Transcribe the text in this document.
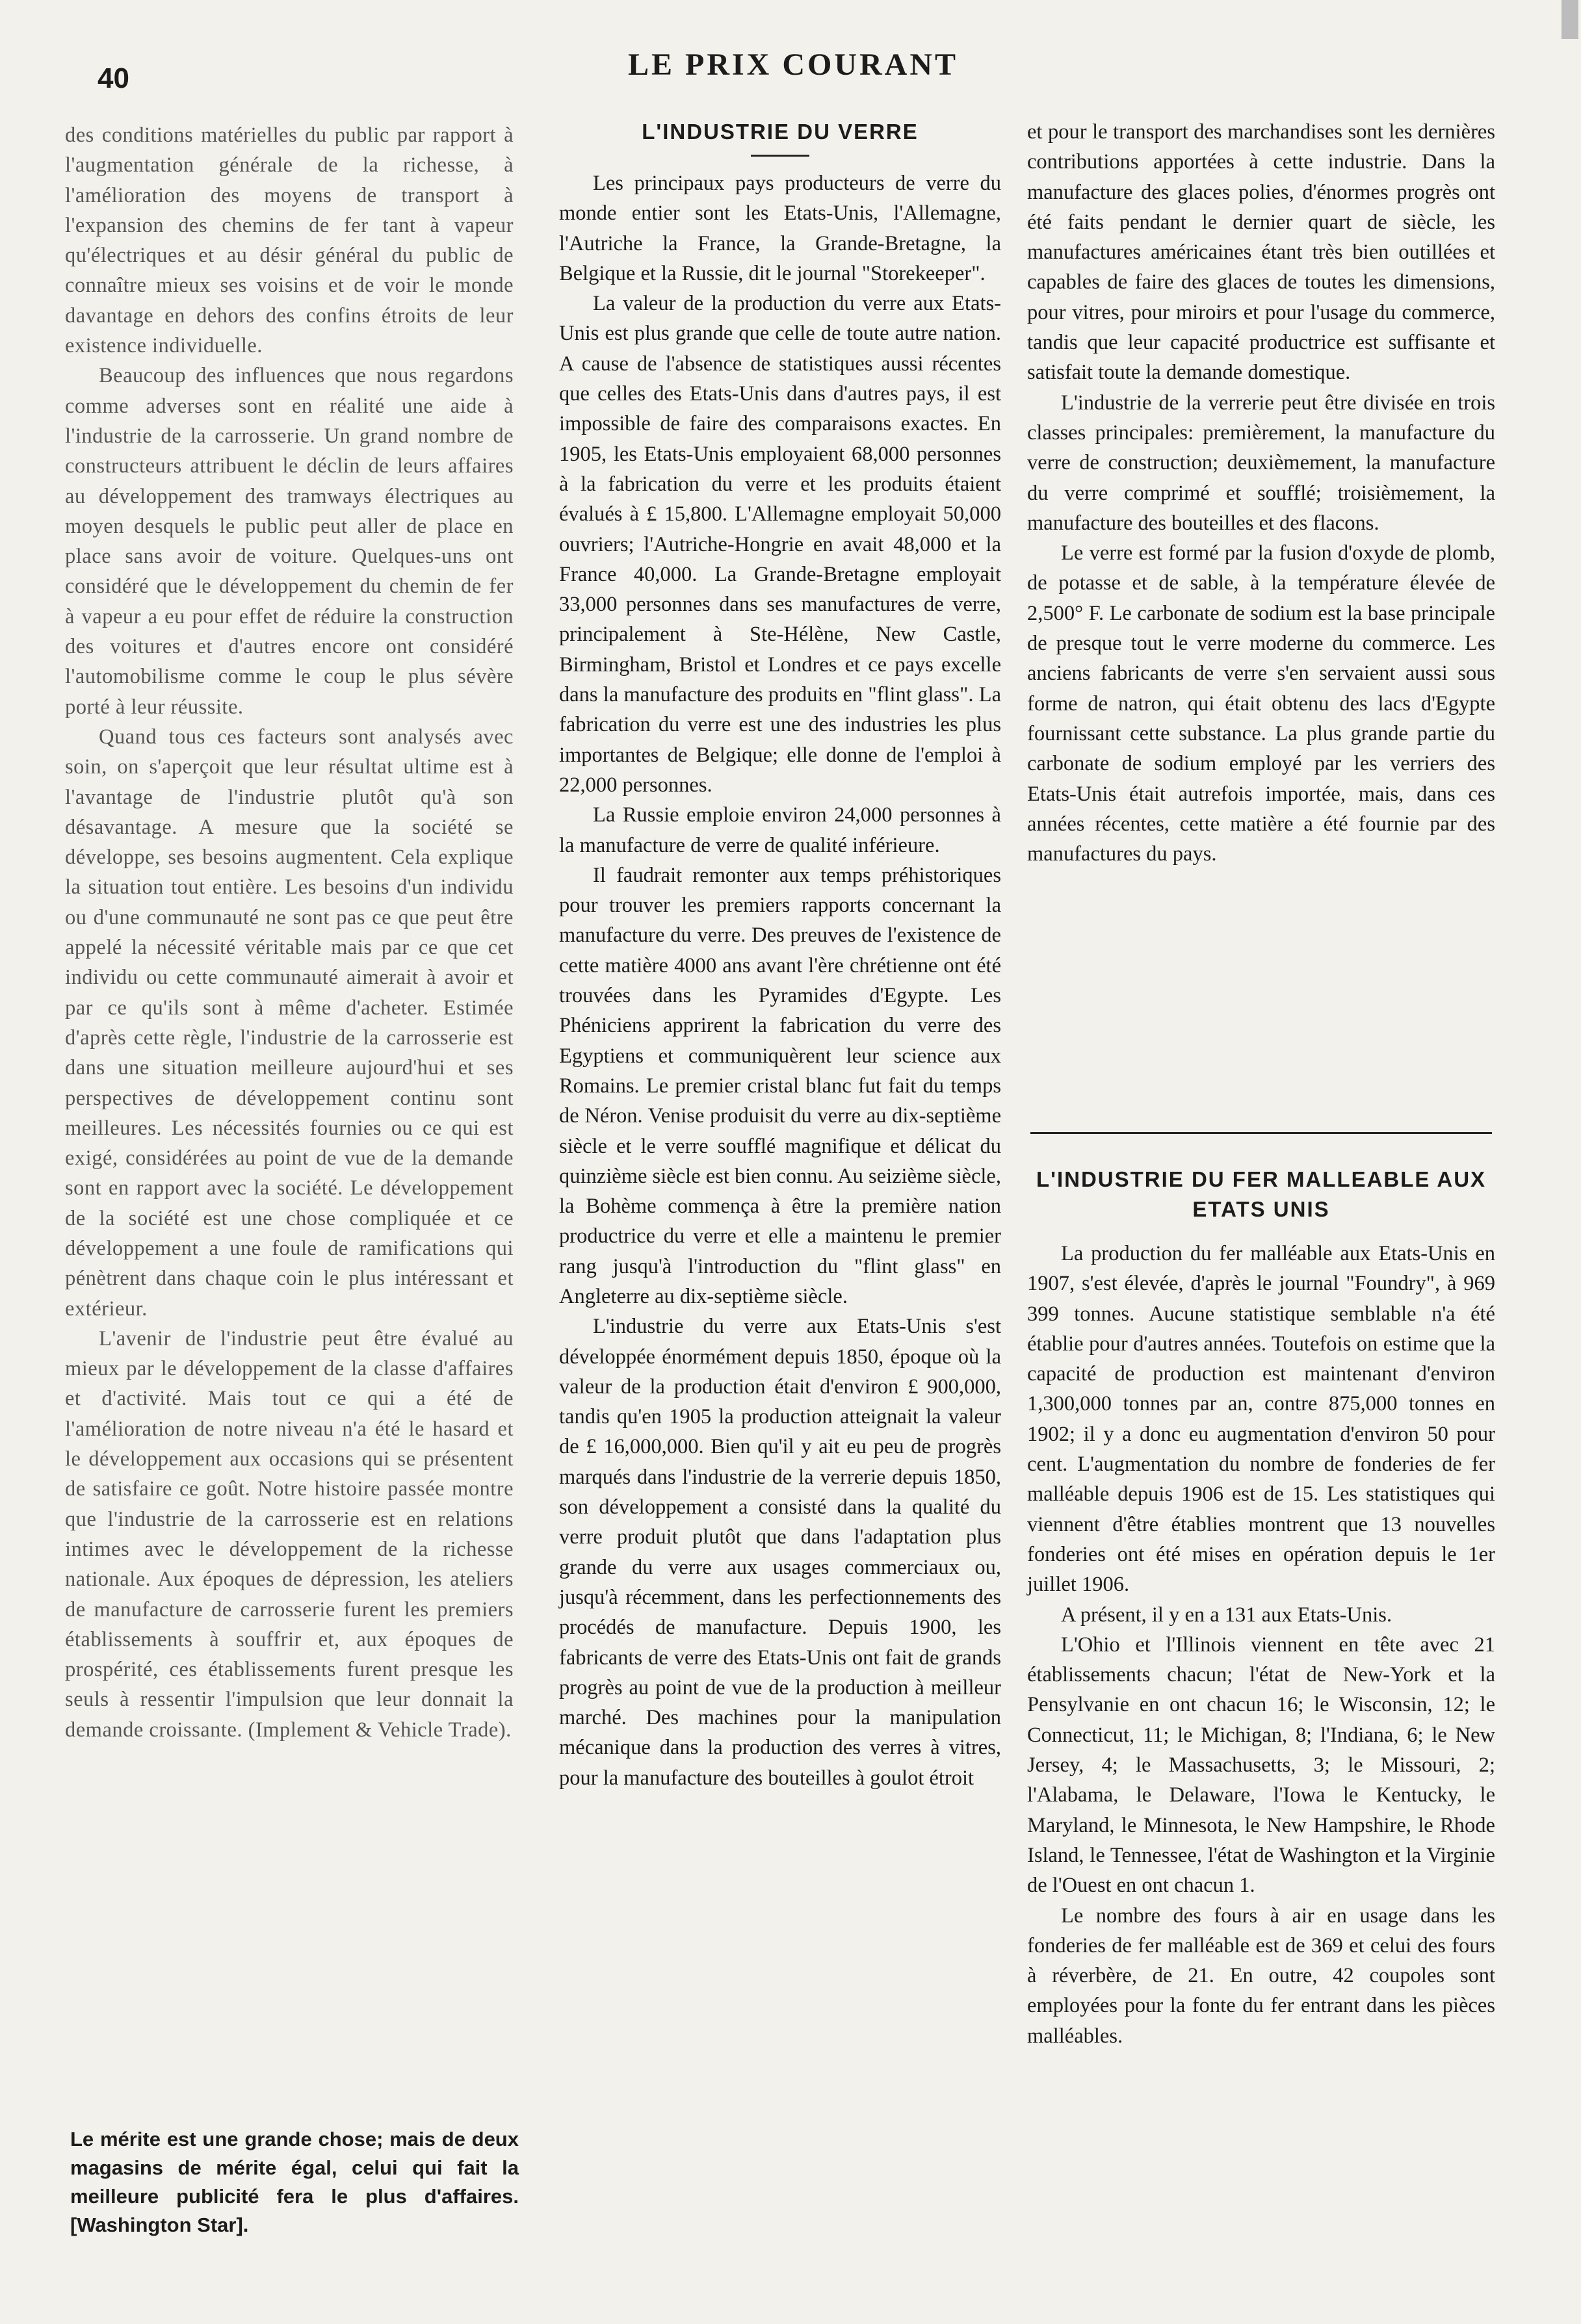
40	LE PRIX COURANT

des conditions matérielles du public par rapport à l'augmentation générale de la richesse, à l'amélioration des moyens de transport à l'expansion des chemins de fer tant à vapeur qu'électriques et au désir général du public de connaître mieux ses voisins et de voir le monde davantage en dehors des confins étroits de leur existence individuelle.

Beaucoup des influences que nous regardons comme adverses sont en réalité une aide à l'industrie de la carrosserie. Un grand nombre de constructeurs attribuent le déclin de leurs affaires au développement des tramways électriques au moyen desquels le public peut aller de place en place sans avoir de voiture. Quelques-uns ont considéré que le développement du chemin de fer à vapeur a eu pour effet de réduire la construction des voitures et d'autres encore ont considéré l'automobilisme comme le coup le plus sévère porté à leur réussite.

Quand tous ces facteurs sont analysés avec soin, on s'aperçoit que leur résultat ultime est à l'avantage de l'industrie plutôt qu'à son désavantage. A mesure que la société se développe, ses besoins augmentent. Cela explique la situation tout entière. Les besoins d'un individu ou d'une communauté ne sont pas ce que peut être appelé la nécessité véritable mais par ce que cet individu ou cette communauté aimerait à avoir et par ce qu'ils sont à même d'acheter. Estimée d'après cette règle, l'industrie de la carrosserie est dans une situation meilleure aujourd'hui et ses perspectives de développement continu sont meilleures. Les nécessités fournies ou ce qui est exigé, considérées au point de vue de la demande sont en rapport avec la société. Le développement de la société est une chose compliquée et ce développement a une foule de ramifications qui pénètrent dans chaque coin le plus intéressant et extérieur.

L'avenir de l'industrie peut être évalué au mieux par le développement de la classe d'affaires et d'activité. Mais tout ce qui a été de l'amélioration de notre niveau n'a été le hasard et le développement aux occasions qui se présentent de satisfaire ce goût. Notre histoire passée montre que l'industrie de la carrosserie est en relations intimes avec le développement de la richesse nationale. Aux époques de dépression, les ateliers de manufacture de carrosserie furent les premiers établissements à souffrir et, aux époques de prospérité, ces établissements furent presque les seuls à ressentir l'impulsion que leur donnait la demande croissante. (Implement & Vehicle Trade).

Le mérite est une grande chose; mais de deux magasins de mérite égal, celui qui fait la meilleure publicité fera le plus d'affaires. [Washington Star].
L'INDUSTRIE DU VERRE

Les principaux pays producteurs de verre du monde entier sont les Etats-Unis, l'Allemagne, l'Autriche la France, la Grande-Bretagne, la Belgique et la Russie, dit le journal "Storekeeper".

La valeur de la production du verre aux Etats-Unis est plus grande que celle de toute autre nation. A cause de l'absence de statistiques aussi récentes que celles des Etats-Unis dans d'autres pays, il est impossible de faire des comparaisons exactes. En 1905, les Etats-Unis employaient 68,000 personnes à la fabrication du verre et les produits étaient évalués à £ 15,800. L'Allemagne employait 50,000 ouvriers; l'Autriche-Hongrie en avait 48,000 et la France 40,000. La Grande-Bretagne employait 33,000 personnes dans ses manufactures de verre, principalement à Ste-Hélène, New Castle, Birmingham, Bristol et Londres et ce pays excelle dans la manufacture des produits en "flint glass". La fabrication du verre est une des industries les plus importantes de Belgique; elle donne de l'emploi à 22,000 personnes.

La Russie emploie environ 24,000 personnes à la manufacture de verre de qualité inférieure.

Il faudrait remonter aux temps préhistoriques pour trouver les premiers rapports concernant la manufacture du verre. Des preuves de l'existence de cette matière 4000 ans avant l'ère chrétienne ont été trouvées dans les Pyramides d'Egypte. Les Phéniciens apprirent la fabrication du verre des Egyptiens et communiquèrent leur science aux Romains. Le premier cristal blanc fut fait du temps de Néron. Venise produisit du verre au dix-septième siècle et le verre soufflé magnifique et délicat du quinzième siècle est bien connu. Au seizième siècle, la Bohème commença à être la première nation productrice du verre et elle a maintenu le premier rang jusqu'à l'introduction du "flint glass" en Angleterre au dix-septième siècle.

L'industrie du verre aux Etats-Unis s'est développée énormément depuis 1850, époque où la valeur de la production était d'environ £ 900,000, tandis qu'en 1905 la production atteignait la valeur de £ 16,000,000. Bien qu'il y ait eu peu de progrès marqués dans l'industrie de la verrerie depuis 1850, son développement a consisté dans la qualité du verre produit plutôt que dans l'adaptation plus grande du verre aux usages commerciaux ou, jusqu'à récemment, dans les perfectionnements des procédés de manufacture. Depuis 1900, les fabricants de verre des Etats-Unis ont fait de grands progrès au point de vue de la production à meilleur marché. Des machines pour la manipulation mécanique dans la production des verres à vitres, pour la manufacture des bouteilles à goulot étroit

et pour le transport des marchandises sont les dernières contributions apportées à cette industrie. Dans la manufacture des glaces polies, d'énormes progrès ont été faits pendant le dernier quart de siècle, les manufactures américaines étant très bien outillées et capables de faire des glaces de toutes les dimensions, pour vitres, pour miroirs et pour l'usage du commerce, tandis que leur capacité productrice est suffisante et satisfait toute la demande domestique.

L'industrie de la verrerie peut être divisée en trois classes principales: premièrement, la manufacture du verre de construction; deuxièmement, la manufacture du verre comprimé et soufflé; troisièmement, la manufacture des bouteilles et des flacons.

Le verre est formé par la fusion d'oxyde de plomb, de potasse et de sable, à la température élevée de 2,500° F. Le carbonate de sodium est la base principale de presque tout le verre moderne du commerce. Les anciens fabricants de verre s'en servaient aussi sous forme de natron, qui était obtenu des lacs d'Egypte fournissant cette substance. La plus grande partie du carbonate de sodium employé par les verriers des Etats-Unis était autrefois importée, mais, dans ces années récentes, cette matière a été fournie par des manufactures du pays.

L'INDUSTRIE DU FER MALLEABLE AUX ETATS UNIS

La production du fer malléable aux Etats-Unis en 1907, s'est élevée, d'après le journal "Foundry", à 969 399 tonnes. Aucune statistique semblable n'a été établie pour d'autres années. Toutefois on estime que la capacité de production est maintenant d'environ 1,300,000 tonnes par an, contre 875,000 tonnes en 1902; il y a donc eu augmentation d'environ 50 pour cent. L'augmentation du nombre de fonderies de fer malléable depuis 1906 est de 15. Les statistiques qui viennent d'être établies montrent que 13 nouvelles fonderies ont été mises en opération depuis le 1er juillet 1906.

A présent, il y en a 131 aux Etats-Unis.

L'Ohio et l'Illinois viennent en tête avec 21 établissements chacun; l'état de New-York et la Pensylvanie en ont chacun 16; le Wisconsin, 12; le Connecticut, 11; le Michigan, 8; l'Indiana, 6; le New Jersey, 4; le Massachusetts, 3; le Missouri, 2; l'Alabama, le Delaware, l'Iowa le Kentucky, le Maryland, le Minnesota, le New Hampshire, le Rhode Island, le Tennessee, l'état de Washington et la Virginie de l'Ouest en ont chacun 1.

Le nombre des fours à air en usage dans les fonderies de fer malléable est de 369 et celui des fours à réverbère, de 21. En outre, 42 coupoles sont employées pour la fonte du fer entrant dans les pièces malléables.
